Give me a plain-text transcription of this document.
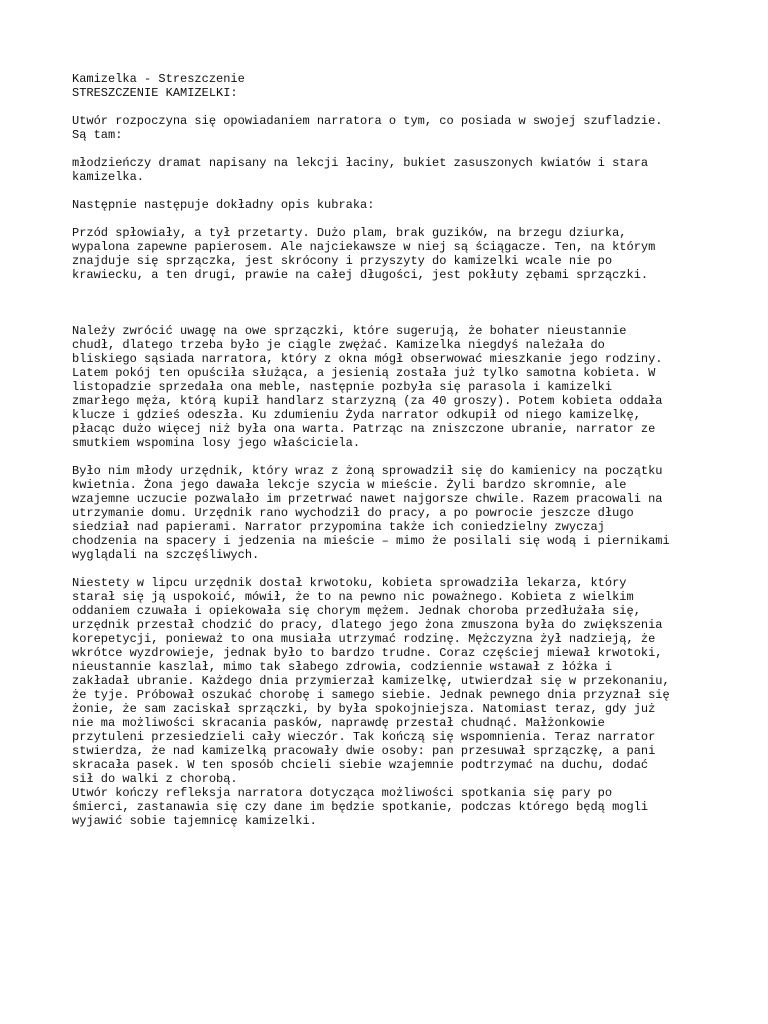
Kamizelka - Streszczenie

STRESZCZENIE KAMIZELKI:

Utwór rozpoczyna się opowiadaniem narratora o tym, co posiada w swojej szufladzie.
Są tam:

młodzieńczy dramat napisany na lekcji łaciny, bukiet zasuszonych kwiatów i stara
kamizelka.

Następnie następuje dokładny opis kubraka:

Przód spłowiały, a tył przetarty. Dużo plam, brak guzików, na brzegu dziurka,
wypalona zapewne papierosem. Ale najciekawsze w niej są ściągacze. Ten, na którym
znajduje się sprzączka, jest skrócony i przyszyty do kamizelki wcale nie po
krawiecku, a ten drugi, prawie na całej długości, jest pokłuty zębami sprzączki.

Należy zwrócić uwagę na owe sprzączki, które sugerują, że bohater nieustannie
chudł, dlatego trzeba było je ciągle zwężać. Kamizelka niegdyś należała do
bliskiego sąsiada narratora, który z okna mógł obserwować mieszkanie jego rodziny.
Latem pokój ten opuściła służąca, a jesienią została już tylko samotna kobieta. W
listopadzie sprzedała ona meble, następnie pozbyła się parasola i kamizelki
zmarłego męża, którą kupił handlarz starzyzną (za 40 groszy). Potem kobieta oddała
klucze i gdzieś odeszła. Ku zdumieniu Żyda narrator odkupił od niego kamizelkę,
płacąc dużo więcej niż była ona warta. Patrząc na zniszczone ubranie, narrator ze
smutkiem wspomina losy jego właściciela.

Było nim młody urzędnik, który wraz z żoną sprowadził się do kamienicy na początku
kwietnia. Żona jego dawała lekcje szycia w mieście. Żyli bardzo skromnie, ale
wzajemne uczucie pozwalało im przetrwać nawet najgorsze chwile. Razem pracowali na
utrzymanie domu. Urzędnik rano wychodził do pracy, a po powrocie jeszcze długo
siedział nad papierami. Narrator przypomina także ich coniedzielny zwyczaj
chodzenia na spacery i jedzenia na mieście – mimo że posilali się wodą i piernikami
wyglądali na szczęśliwych.

Niestety w lipcu urzędnik dostał krwotoku, kobieta sprowadziła lekarza, który
starał się ją uspokoić, mówił, że to na pewno nic poważnego. Kobieta z wielkim
oddaniem czuwała i opiekowała się chorym mężem. Jednak choroba przedłużała się,
urzędnik przestał chodzić do pracy, dlatego jego żona zmuszona była do zwiększenia
korepetycji, ponieważ to ona musiała utrzymać rodzinę. Mężczyzna żył nadzieją, że
wkrótce wyzdrowieje, jednak było to bardzo trudne. Coraz częściej miewał krwotoki,
nieustannie kaszlał, mimo tak słabego zdrowia, codziennie wstawał z łóżka i
zakładał ubranie. Każdego dnia przymierzał kamizelkę, utwierdzał się w przekonaniu,
że tyje. Próbował oszukać chorobę i samego siebie. Jednak pewnego dnia przyznał się
żonie, że sam zaciskał sprzączki, by była spokojniejsza. Natomiast teraz, gdy już
nie ma możliwości skracania pasków, naprawdę przestał chudnąć. Małżonkowie
przytuleni przesiedzieli cały wieczór. Tak kończą się wspomnienia. Teraz narrator
stwierdza, że nad kamizelką pracowały dwie osoby: pan przesuwał sprzączkę, a pani
skracała pasek. W ten sposób chcieli siebie wzajemnie podtrzymać na duchu, dodać
sił do walki z chorobą.

Utwór kończy refleksja narratora dotycząca możliwości spotkania się pary po
śmierci, zastanawia się czy dane im będzie spotkanie, podczas którego będą mogli
wyjawić sobie tajemnicę kamizelki.
